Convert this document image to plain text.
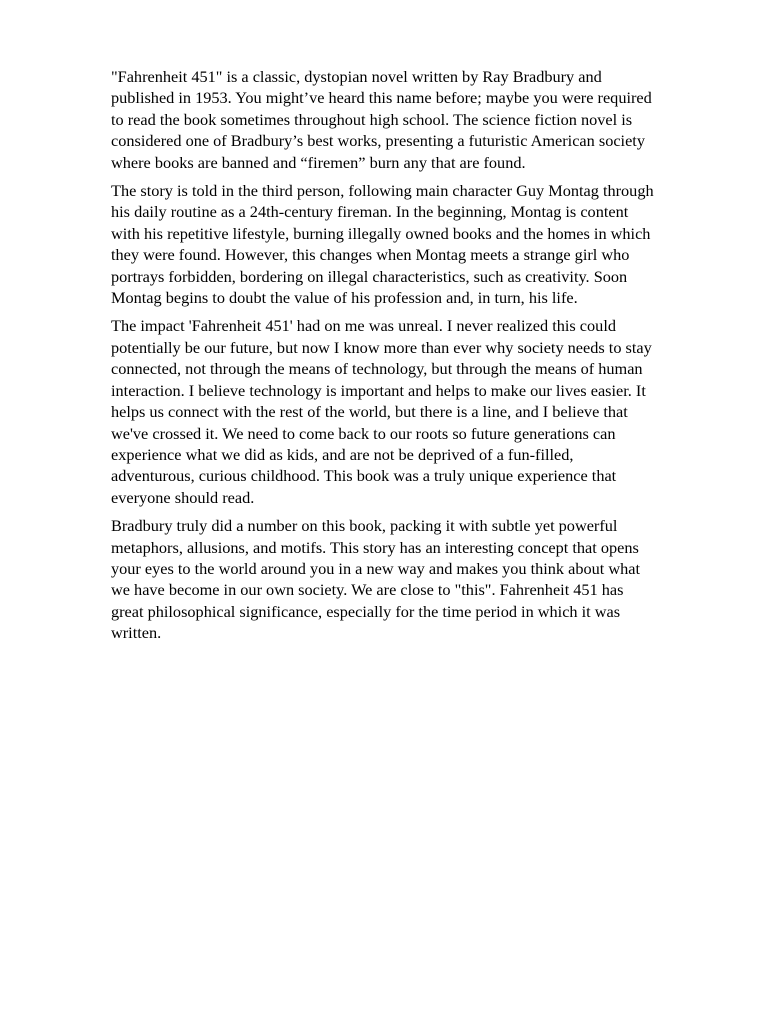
"Fahrenheit 451" is a classic, dystopian novel written by Ray Bradbury and
published in 1953. You might’ve heard this name before; maybe you were required
to read the book sometimes throughout high school. The science fiction novel is
considered one of Bradbury’s best works, presenting a futuristic American society
where books are banned and “firemen” burn any that are found.

The story is told in the third person, following main character Guy Montag through
his daily routine as a 24th-century fireman. In the beginning, Montag is content
with his repetitive lifestyle, burning illegally owned books and the homes in which
they were found. However, this changes when Montag meets a strange girl who
portrays forbidden, bordering on illegal characteristics, such as creativity. Soon
Montag begins to doubt the value of his profession and, in turn, his life.

The impact 'Fahrenheit 451' had on me was unreal. I never realized this could
potentially be our future, but now I know more than ever why society needs to stay
connected, not through the means of technology, but through the means of human
interaction. I believe technology is important and helps to make our lives easier. It
helps us connect with the rest of the world, but there is a line, and I believe that
we've crossed it. We need to come back to our roots so future generations can
experience what we did as kids, and are not be deprived of a fun-filled,
adventurous, curious childhood. This book was a truly unique experience that
everyone should read.

Bradbury truly did a number on this book, packing it with subtle yet powerful
metaphors, allusions, and motifs. This story has an interesting concept that opens
your eyes to the world around you in a new way and makes you think about what
we have become in our own society. We are close to "this". Fahrenheit 451 has
great philosophical significance, especially for the time period in which it was
written.
